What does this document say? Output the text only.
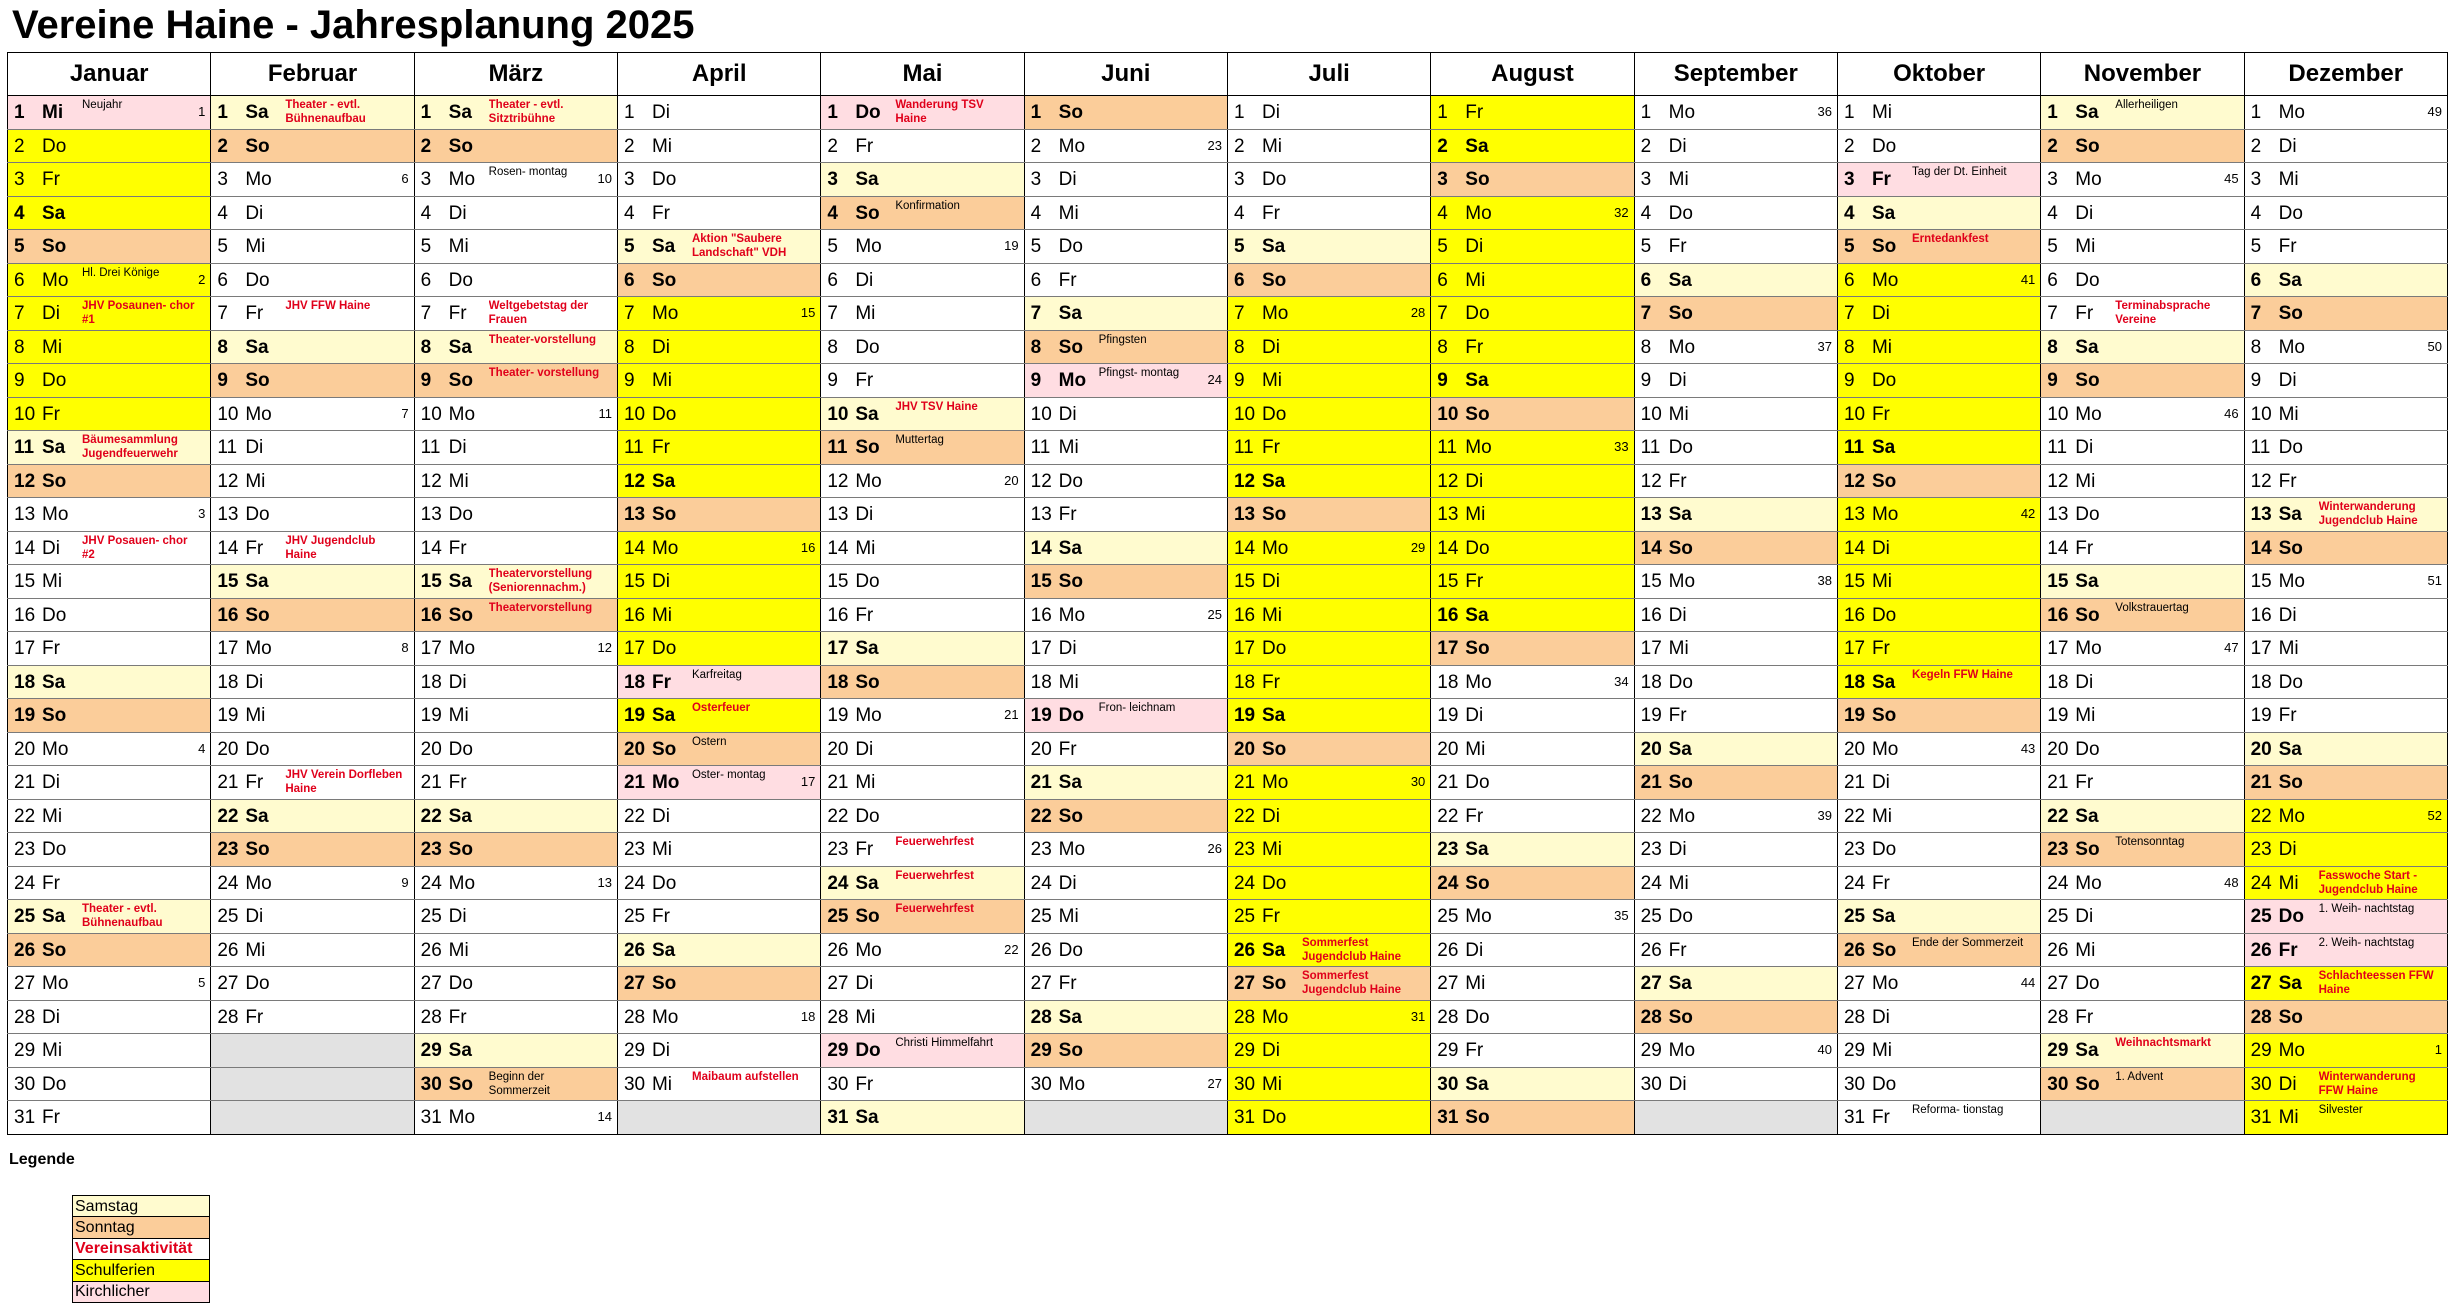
Vereine Haine - Jahresplanung 2025
Januar	Februar	März	April	Mai	Juni	Juli	August	September	Oktober	November	Dezember

1 Mi Neujahr 1	1 Sa Theater - evtl. Bühnenaufbau	1 Sa Theater - evtl. Sitztribühne	1 Di	1 Do Wanderung TSV Haine	1 So	1 Di	1 Fr	1 Mo 36	1 Mi	1 Sa Allerheiligen	1 Mo 49

2 Do	2 So	2 So	2 Mi	2 Fr	2 Mo 23	2 Mi	2 Sa	2 Di	2 Do	2 So	2 Di

3 Fr	3 Mo 6	3 Mo Rosen- montag 10	3 Do	3 Sa	3 Di	3 Do	3 So	3 Mi	3 Fr Tag der Dt. Einheit	3 Mo 45	3 Mi

4 Sa	4 Di	4 Di	4 Fr	4 So Konfirmation	4 Mi	4 Fr	4 Mo 32	4 Do	4 Sa	4 Di	4 Do

5 So	5 Mi	5 Mi	5 Sa Aktion "Saubere Landschaft" VDH	5 Mo 19	5 Do	5 Sa	5 Di	5 Fr	5 So Erntedankfest	5 Mi	5 Fr

6 Mo Hl. Drei Könige 2	6 Do	6 Do	6 So	6 Di	6 Fr	6 So	6 Mi	6 Sa	6 Mo 41	6 Do	6 Sa

7 Di JHV Posaunen- chor #1	7 Fr JHV FFW Haine	7 Fr Weltgebetstag der Frauen	7 Mo 15	7 Mi	7 Sa	7 Mo 28	7 Do	7 So	7 Di	7 Fr Terminabsprache Vereine	7 So

8 Mi	8 Sa	8 Sa Theater-vorstellung	8 Di	8 Do	8 So Pfingsten	8 Di	8 Fr	8 Mo 37	8 Mi	8 Sa	8 Mo 50

9 Do	9 So	9 So Theater- vorstellung	9 Mi	9 Fr	9 Mo Pfingst- montag 24	9 Mi	9 Sa	9 Di	9 Do	9 So	9 Di

10 Fr	10 Mo 7	10 Mo 11	10 Do	10 Sa JHV TSV Haine	10 Di	10 Do	10 So	10 Mi	10 Fr	10 Mo 46	10 Mi

11 Sa Bäumesammlung Jugendfeuerwehr	11 Di	11 Di	11 Fr	11 So Muttertag	11 Mi	11 Fr	11 Mo 33	11 Do	11 Sa	11 Di	11 Do

12 So	12 Mi	12 Mi	12 Sa	12 Mo 20	12 Do	12 Sa	12 Di	12 Fr	12 So	12 Mi	12 Fr

13 Mo 3	13 Do	13 Do	13 So	13 Di	13 Fr	13 So	13 Mi	13 Sa	13 Mo 42	13 Do	13 Sa Winterwanderung Jugendclub Haine

14 Di JHV Posauen- chor #2	14 Fr JHV Jugendclub Haine	14 Fr	14 Mo 16	14 Mi	14 Sa	14 Mo 29	14 Do	14 So	14 Di	14 Fr	14 So

15 Mi	15 Sa	15 Sa Theatervorstellung (Seniorennachm.)	15 Di	15 Do	15 So	15 Di	15 Fr	15 Mo 38	15 Mi	15 Sa	15 Mo 51

16 Do	16 So	16 So Theatervorstellung	16 Mi	16 Fr	16 Mo 25	16 Mi	16 Sa	16 Di	16 Do	16 So Volkstrauertag	16 Di

17 Fr	17 Mo 8	17 Mo 12	17 Do	17 Sa	17 Di	17 Do	17 So	17 Mi	17 Fr	17 Mo 47	17 Mi

18 Sa	18 Di	18 Di	18 Fr Karfreitag	18 So	18 Mi	18 Fr	18 Mo 34	18 Do	18 Sa Kegeln FFW Haine	18 Di	18 Do

19 So	19 Mi	19 Mi	19 Sa Osterfeuer	19 Mo 21	19 Do Fron- leichnam	19 Sa	19 Di	19 Fr	19 So	19 Mi	19 Fr

20 Mo 4	20 Do	20 Do	20 So Ostern	20 Di	20 Fr	20 So	20 Mi	20 Sa	20 Mo 43	20 Do	20 Sa

21 Di	21 Fr JHV Verein Dorfleben Haine	21 Fr	21 Mo Oster- montag 17	21 Mi	21 Sa	21 Mo 30	21 Do	21 So	21 Di	21 Fr	21 So

22 Mi	22 Sa	22 Sa	22 Di	22 Do	22 So	22 Di	22 Fr	22 Mo 39	22 Mi	22 Sa	22 Mo 52

23 Do	23 So	23 So	23 Mi	23 Fr Feuerwehrfest	23 Mo 26	23 Mi	23 Sa	23 Di	23 Do	23 So Totensonntag	23 Di

24 Fr	24 Mo 9	24 Mo 13	24 Do	24 Sa Feuerwehrfest	24 Di	24 Do	24 So	24 Mi	24 Fr	24 Mo 48	24 Mi Fasswoche Start - Jugendclub Haine

25 Sa Theater - evtl. Bühnenaufbau	25 Di	25 Di	25 Fr	25 So Feuerwehrfest	25 Mi	25 Fr	25 Mo 35	25 Do	25 Sa	25 Di	25 Do 1. Weih- nachtstag

26 So	26 Mi	26 Mi	26 Sa	26 Mo 22	26 Do	26 Sa Sommerfest Jugendclub Haine	26 Di	26 Fr	26 So Ende der Sommerzeit	26 Mi	26 Fr 2. Weih- nachtstag

27 Mo 5	27 Do	27 Do	27 So	27 Di	27 Fr	27 So Sommerfest Jugendclub Haine	27 Mi	27 Sa	27 Mo 44	27 Do	27 Sa Schlachteessen FFW Haine

28 Di	28 Fr	28 Fr	28 Mo 18	28 Mi	28 Sa	28 Mo 31	28 Do	28 So	28 Di	28 Fr	28 So

29 Mi		29 Sa	29 Di	29 Do Christi Himmelfahrt	29 So	29 Di	29 Fr	29 Mo 40	29 Mi	29 Sa Weihnachtsmarkt	29 Mo 1

30 Do		30 So Beginn der Sommerzeit	30 Mi Maibaum aufstellen	30 Fr	30 Mo 27	30 Mi	30 Sa	30 Di	30 Do	30 So 1. Advent	30 Di Winterwanderung FFW Haine

31 Fr		31 Mo 14		31 Sa		31 Do	31 So		31 Fr Reforma- tionstag		31 Mi Silvester
Legende
Samstag
Sonntag
Vereinsaktivität
Schulferien
Kirchlicher
